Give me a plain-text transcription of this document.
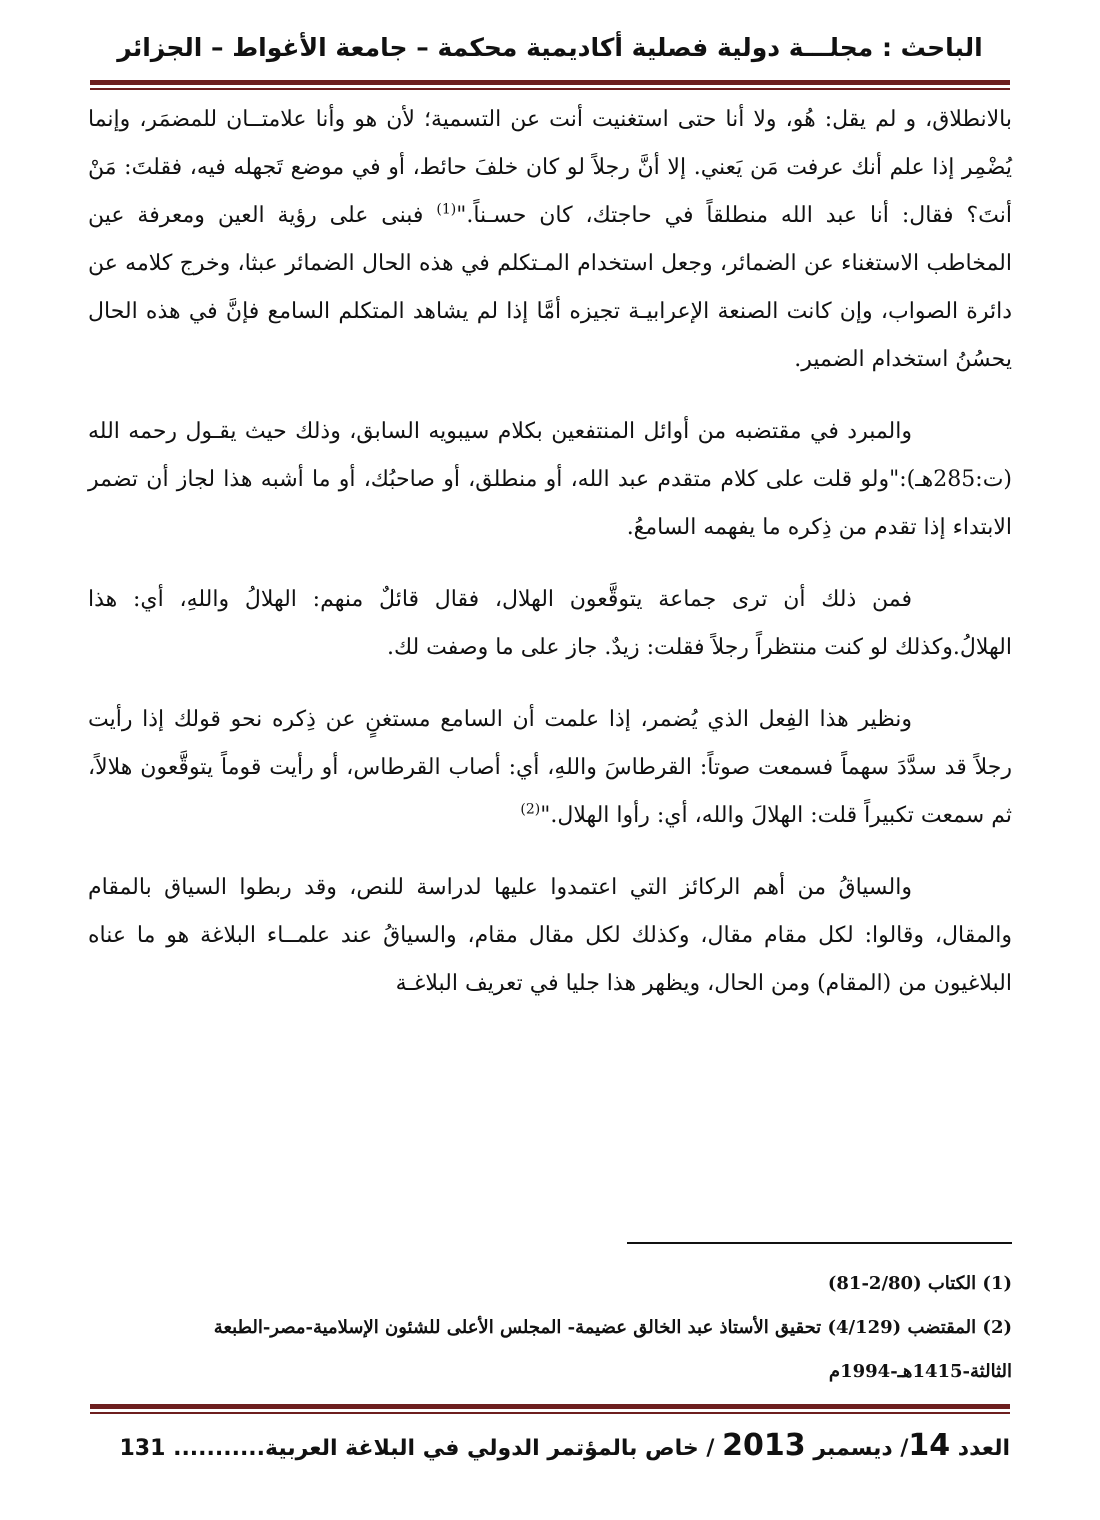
الباحث : مجلـــة دولية فصلية أكاديمية محكمة – جامعة الأغواط – الجزائر

بالانطلاق، و لم يقل: هُو، ولا أنا حتى استغنيت أنت عن التسمية؛ لأن هو وأنا علامتــان للمضمَر، وإنما يُضْمِر إذا علم أنك عرفت مَن يَعني. إلا أنَّ رجلاً لو كان خلفَ حائط، أو في موضع تَجهله فيه، فقلتَ: مَنْ أنتَ؟ فقال: أنا عبد الله منطلقاً في حاجتك، كان حسـناً."$^{(1)}$ فبنى على رؤية العين ومعرفة عين المخاطب الاستغناء عن الضمائر، وجعل استخدام المـتكلم في هذه الحال الضمائر عبثا، وخرج كلامه عن دائرة الصواب، وإن كانت الصنعة الإعرابيـة تجيزه أمَّا إذا لم يشاهد المتكلم السامع فإنَّ في هذه الحال يحسُنُ استخدام الضمير.

والمبرد في مقتضبه من أوائل المنتفعين بكلام سيبويه السابق، وذلك حيث يقـول رحمه الله (ت:285هـ):"ولو قلت على كلام متقدم عبد الله، أو منطلق، أو صاحبُك، أو ما أشبه هذا لجاز أن تضمر الابتداء إذا تقدم من ذِكره ما يفهمه السامعُ.

فمن ذلك أن ترى جماعة يتوقَّعون الهلال، فقال قائلٌ منهم: الهلالُ واللهِ، أي: هذا الهلالُ.وكذلك لو كنت منتظراً رجلاً فقلت: زيدٌ. جاز على ما وصفت لك.

ونظير هذا الفِعل الذي يُضمر، إذا علمت أن السامع مستغنٍ عن ذِكره نحو قولك إذا رأيت رجلاً قد سدَّدَ سهماً فسمعت صوتاً: القرطاسَ واللهِ، أي: أصاب القرطاس، أو رأيت قوماً يتوقَّعون هلالاً، ثم سمعت تكبيراً قلت: الهلالَ والله، أي: رأوا الهلال."$^{(2)}$

والسياقُ من أهم الركائز التي اعتمدوا عليها لدراسة للنص، وقد ربطوا السياق بالمقام والمقال، وقالوا: لكل مقام مقال، وكذلك لكل مقال مقام، والسياقُ عند علمــاء البلاغة هو ما عناه البلاغيون من (المقام) ومن الحال، ويظهر هذا جليا في تعريف البلاغـة

(1) الكتاب (2/80-81)

(2) المقتضب (4/129) تحقيق الأستاذ عبد الخالق عضيمة- المجلس الأعلى للشئون الإسلامية-مصر-الطبعة الثالثة-1415هـ-1994م

العدد 14/ ديسمبر 2013 / خاص بالمؤتمر الدولي في البلاغة العربية........... 131
